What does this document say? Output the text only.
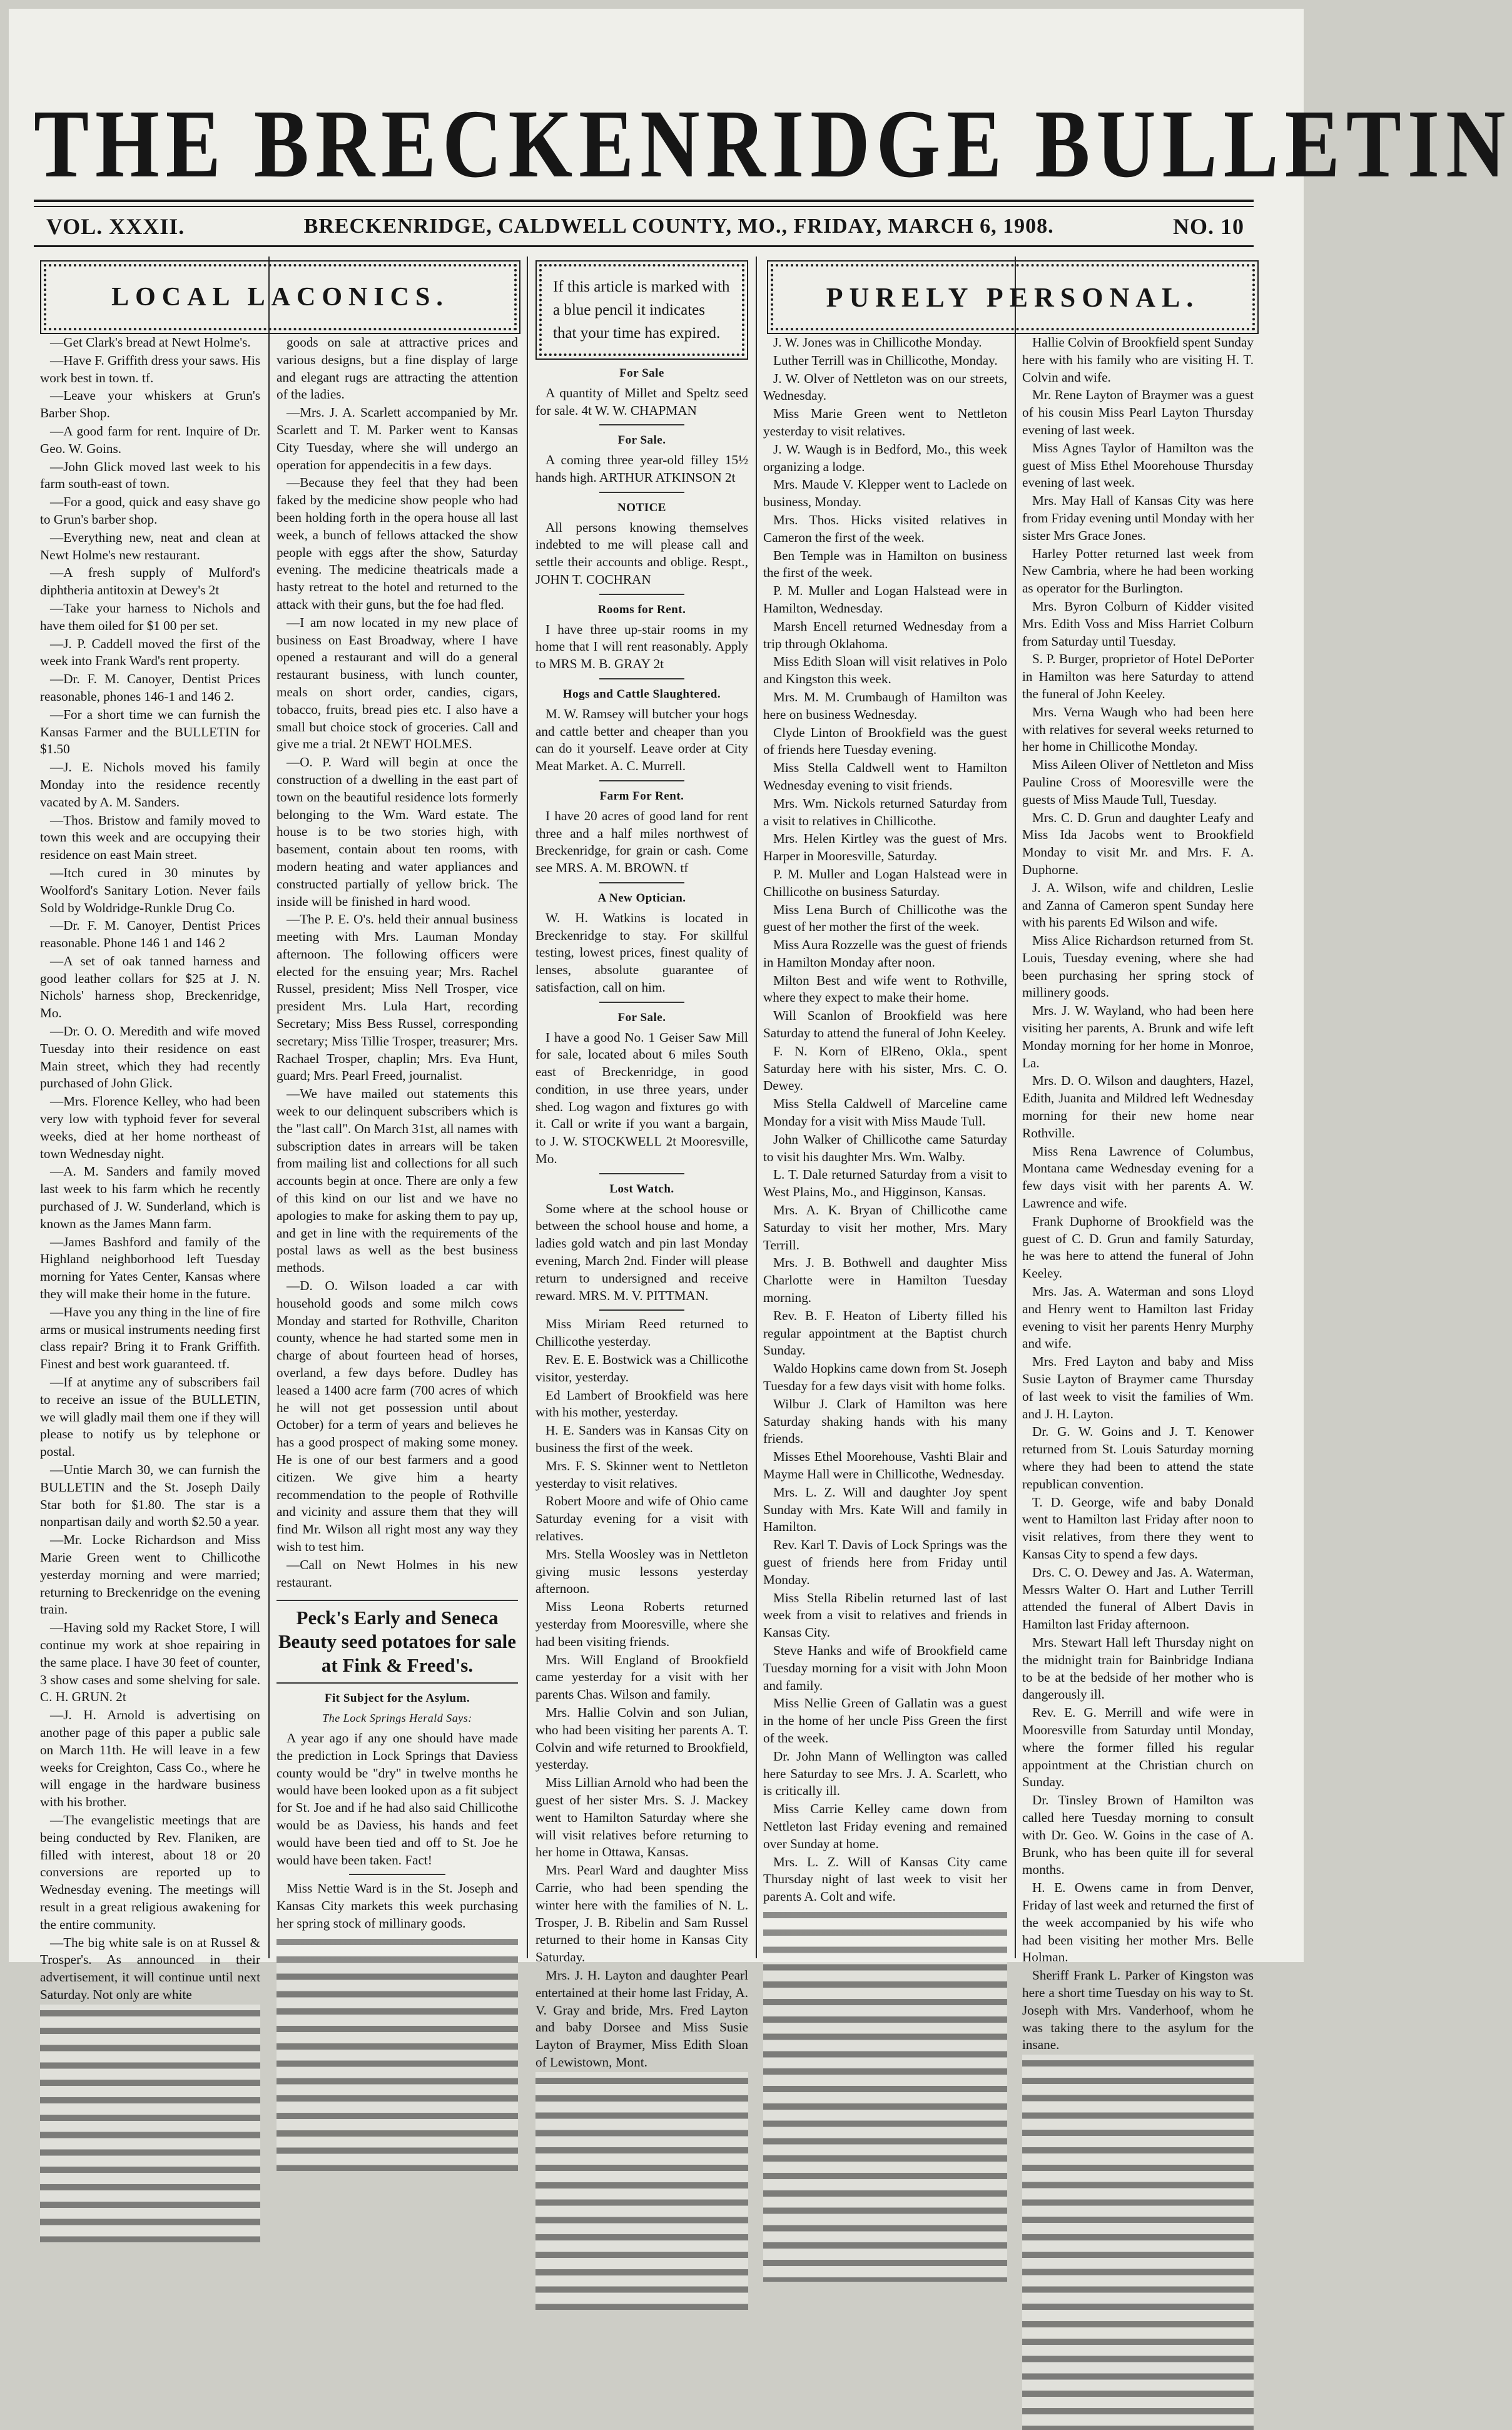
THE BRECKENRIDGE BULLETIN
VOL. XXXII.	BRECKENRIDGE, CALDWELL COUNTY, MO., FRIDAY, MARCH 6, 1908.	NO. 10
LOCAL LACONICS.	PURELY PERSONAL.

—Get Clark's bread at Newt Holme's.

—Have F. Griffith dress your saws. His work best in town. tf.

—Leave your whiskers at Grun's Barber Shop.

—A good farm for rent. Inquire of Dr. Geo. W. Goins.

—John Glick moved last week to his farm south-east of town.

—For a good, quick and easy shave go to Grun's barber shop.

—Everything new, neat and clean at Newt Holme's new restaurant.

—A fresh supply of Mulford's diphtheria antitoxin at Dewey's 2t

—Take your harness to Nichols and have them oiled for $1 00 per set.

—J. P. Caddell moved the first of the week into Frank Ward's rent property.

—Dr. F. M. Canoyer, Dentist Prices reasonable, phones 146-1 and 146 2.

—For a short time we can furnish the Kansas Farmer and the BULLETIN for $1.50

—J. E. Nichols moved his family Monday into the residence recently vacated by A. M. Sanders.

—Thos. Bristow and family moved to town this week and are occupying their residence on east Main street.

—Itch cured in 30 minutes by Woolford's Sanitary Lotion. Never fails Sold by Woldridge-Runkle Drug Co.

—Dr. F. M. Canoyer, Dentist Prices reasonable. Phone 146 1 and 146 2

—A set of oak tanned harness and good leather collars for $25 at J. N. Nichols' harness shop, Breckenridge, Mo.

—Dr. O. O. Meredith and wife moved Tuesday into their residence on east Main street, which they had recently purchased of John Glick.

—Mrs. Florence Kelley, who had been very low with typhoid fever for several weeks, died at her home northeast of town Wednesday night.

—A. M. Sanders and family moved last week to his farm which he recently purchased of J. W. Sunderland, which is known as the James Mann farm.

—James Bashford and family of the Highland neighborhood left Tuesday morning for Yates Center, Kansas where they will make their home in the future.

—Have you any thing in the line of fire arms or musical instruments needing first class repair? Bring it to Frank Griffith. Finest and best work guaranteed. tf.

—If at anytime any of subscribers fail to receive an issue of the BULLETIN, we will gladly mail them one if they will please to notify us by telephone or postal.

—Untie March 30, we can furnish the BULLETIN and the St. Joseph Daily Star both for $1.80. The star is a nonpartisan daily and worth $2.50 a year.

—Mr. Locke Richardson and Miss Marie Green went to Chillicothe yesterday morning and were married; returning to Breckenridge on the evening train.

—Having sold my Racket Store, I will continue my work at shoe repairing in the same place. I have 30 feet of counter, 3 show cases and some shelving for sale. C. H. GRUN. 2t

—J. H. Arnold is advertising on another page of this paper a public sale on March 11th. He will leave in a few weeks for Creighton, Cass Co., where he will engage in the hardware business with his brother.

—The evangelistic meetings that are being conducted by Rev. Flaniken, are filled with interest, about 18 or 20 conversions are reported up to Wednesday evening. The meetings will result in a great religious awakening for the entire community.

—The big white sale is on at Russel & Trosper's. As announced in their advertisement, it will continue until next Saturday. Not only are white

goods on sale at attractive prices and various designs, but a fine display of large and elegant rugs are attracting the attention of the ladies.

—Mrs. J. A. Scarlett accompanied by Mr. Scarlett and T. M. Parker went to Kansas City Tuesday, where she will undergo an operation for appendecitis in a few days.

—Because they feel that they had been faked by the medicine show people who had been holding forth in the opera house all last week, a bunch of fellows attacked the show people with eggs after the show, Saturday evening. The medicine theatricals made a hasty retreat to the hotel and returned to the attack with their guns, but the foe had fled.

—I am now located in my new place of business on East Broadway, where I have opened a restaurant and will do a general restaurant business, with lunch counter, meals on short order, candies, cigars, tobacco, fruits, bread pies etc. I also have a small but choice stock of groceries. Call and give me a trial. 2t NEWT HOLMES.

—O. P. Ward will begin at once the construction of a dwelling in the east part of town on the beautiful residence lots formerly belonging to the Wm. Ward estate. The house is to be two stories high, with basement, contain about ten rooms, with modern heating and water appliances and constructed partially of yellow brick. The inside will be finished in hard wood.

—The P. E. O's. held their annual business meeting with Mrs. Lauman Monday afternoon. The following officers were elected for the ensuing year; Mrs. Rachel Russel, president; Miss Nell Trosper, vice president Mrs. Lula Hart, recording Secretary; Miss Bess Russel, corresponding secretary; Miss Tillie Trosper, treasurer; Mrs. Rachael Trosper, chaplin; Mrs. Eva Hunt, guard; Mrs. Pearl Freed, journalist.

—We have mailed out statements this week to our delinquent subscribers which is the "last call". On March 31st, all names with subscription dates in arrears will be taken from mailing list and collections for all such accounts begin at once. There are only a few of this kind on our list and we have no apologies to make for asking them to pay up, and get in line with the requirements of the postal laws as well as the best business methods.

—D. O. Wilson loaded a car with household goods and some milch cows Monday and started for Rothville, Chariton county, whence he had started some men in charge of about fourteen head of horses, overland, a few days before. Dudley has leased a 1400 acre farm (700 acres of which he will not get possession until about October) for a term of years and believes he has a good prospect of making some money. He is one of our best farmers and a good citizen. We give him a hearty recommendation to the people of Rothville and vicinity and assure them that they will find Mr. Wilson all right most any way they wish to test him.

—Call on Newt Holmes in his new restaurant.

Peck's Early and Seneca Beauty seed potatoes for sale at Fink & Freed's.

Fit Subject for the Asylum.

The Lock Springs Herald Says:

A year ago if any one should have made the prediction in Lock Springs that Daviess county would be "dry" in twelve months he would have been looked upon as a fit subject for St. Joe and if he had also said Chillicothe would be as Daviess, his hands and feet would have been tied and off to St. Joe he would have been taken. Fact!

Miss Nettie Ward is in the St. Joseph and Kansas City markets this week purchasing her spring stock of millinary goods.

If this article is marked with a blue pencil it indicates that your time has expired.

For Sale

A quantity of Millet and Speltz seed for sale. 4t W. W. CHAPMAN

For Sale.

A coming three year-old filley 15½ hands high. ARTHUR ATKINSON 2t

NOTICE

All persons knowing themselves indebted to me will please call and settle their accounts and oblige. Respt., JOHN T. COCHRAN

Rooms for Rent.

I have three up-stair rooms in my home that I will rent reasonably. Apply to MRS M. B. GRAY 2t

Hogs and Cattle Slaughtered.

M. W. Ramsey will butcher your hogs and cattle better and cheaper than you can do it yourself. Leave order at City Meat Market. A. C. Murrell.

Farm For Rent.

I have 20 acres of good land for rent three and a half miles northwest of Breckenridge, for grain or cash. Come see MRS. A. M. BROWN. tf

A New Optician.

W. H. Watkins is located in Breckenridge to stay. For skillful testing, lowest prices, finest quality of lenses, absolute guarantee of satisfaction, call on him.

For Sale.

I have a good No. 1 Geiser Saw Mill for sale, located about 6 miles South east of Breckenridge, in good condition, in use three years, under shed. Log wagon and fixtures go with it. Call or write if you want a bargain, to J. W. STOCKWELL 2t Mooresville, Mo.

Lost Watch.

Some where at the school house or between the school house and home, a ladies gold watch and pin last Monday evening, March 2nd. Finder will please return to undersigned and receive reward. MRS. M. V. PITTMAN.

Miss Miriam Reed returned to Chillicothe yesterday.

Rev. E. E. Bostwick was a Chillicothe visitor, yesterday.

Ed Lambert of Brookfield was here with his mother, yesterday.

H. E. Sanders was in Kansas City on business the first of the week.

Mrs. F. S. Skinner went to Nettleton yesterday to visit relatives.

Robert Moore and wife of Ohio came Saturday evening for a visit with relatives.

Mrs. Stella Woosley was in Nettleton giving music lessons yesterday afternoon.

Miss Leona Roberts returned yesterday from Mooresville, where she had been visiting friends.

Mrs. Will England of Brookfield came yesterday for a visit with her parents Chas. Wilson and family.

Mrs. Hallie Colvin and son Julian, who had been visiting her parents A. T. Colvin and wife returned to Brookfield, yesterday.

Miss Lillian Arnold who had been the guest of her sister Mrs. S. J. Mackey went to Hamilton Saturday where she will visit relatives before returning to her home in Ottawa, Kansas.

Mrs. Pearl Ward and daughter Miss Carrie, who had been spending the winter here with the families of N. L. Trosper, J. B. Ribelin and Sam Russel returned to their home in Kansas City Saturday.

Mrs. J. H. Layton and daughter Pearl entertained at their home last Friday, A. V. Gray and bride, Mrs. Fred Layton and baby Dorsee and Miss Susie Layton of Braymer, Miss Edith Sloan of Lewistown, Mont.

J. W. Jones was in Chillicothe Monday.

Luther Terrill was in Chillicothe, Monday.

J. W. Olver of Nettleton was on our streets, Wednesday.

Miss Marie Green went to Nettleton yesterday to visit relatives.

J. W. Waugh is in Bedford, Mo., this week organizing a lodge.

Mrs. Maude V. Klepper went to Laclede on business, Monday.

Mrs. Thos. Hicks visited relatives in Cameron the first of the week.

Ben Temple was in Hamilton on business the first of the week.

P. M. Muller and Logan Halstead were in Hamilton, Wednesday.

Marsh Encell returned Wednesday from a trip through Oklahoma.

Miss Edith Sloan will visit relatives in Polo and Kingston this week.

Mrs. M. M. Crumbaugh of Hamilton was here on business Wednesday.

Clyde Linton of Brookfield was the guest of friends here Tuesday evening.

Miss Stella Caldwell went to Hamilton Wednesday evening to visit friends.

Mrs. Wm. Nickols returned Saturday from a visit to relatives in Chillicothe.

Mrs. Helen Kirtley was the guest of Mrs. Harper in Mooresville, Saturday.

P. M. Muller and Logan Halstead were in Chillicothe on business Saturday.

Miss Lena Burch of Chillicothe was the guest of her mother the first of the week.

Miss Aura Rozzelle was the guest of friends in Hamilton Monday after noon.

Milton Best and wife went to Rothville, where they expect to make their home.

Will Scanlon of Brookfield was here Saturday to attend the funeral of John Keeley.

F. N. Korn of ElReno, Okla., spent Saturday here with his sister, Mrs. C. O. Dewey.

Miss Stella Caldwell of Marceline came Monday for a visit with Miss Maude Tull.

John Walker of Chillicothe came Saturday to visit his daughter Mrs. Wm. Walby.

L. T. Dale returned Saturday from a visit to West Plains, Mo., and Higginson, Kansas.

Mrs. A. K. Bryan of Chillicothe came Saturday to visit her mother, Mrs. Mary Terrill.

Mrs. J. B. Bothwell and daughter Miss Charlotte were in Hamilton Tuesday morning.

Rev. B. F. Heaton of Liberty filled his regular appointment at the Baptist church Sunday.

Waldo Hopkins came down from St. Joseph Tuesday for a few days visit with home folks.

Wilbur J. Clark of Hamilton was here Saturday shaking hands with his many friends.

Misses Ethel Moorehouse, Vashti Blair and Mayme Hall were in Chillicothe, Wednesday.

Mrs. L. Z. Will and daughter Joy spent Sunday with Mrs. Kate Will and family in Hamilton.

Rev. Karl T. Davis of Lock Springs was the guest of friends here from Friday until Monday.

Miss Stella Ribelin returned last of last week from a visit to relatives and friends in Kansas City.

Steve Hanks and wife of Brookfield came Tuesday morning for a visit with John Moon and family.

Miss Nellie Green of Gallatin was a guest in the home of her uncle Piss Green the first of the week.

Dr. John Mann of Wellington was called here Saturday to see Mrs. J. A. Scarlett, who is critically ill.

Miss Carrie Kelley came down from Nettleton last Friday evening and remained over Sunday at home.

Mrs. L. Z. Will of Kansas City came Thursday night of last week to visit her parents A. Colt and wife.

Hallie Colvin of Brookfield spent Sunday here with his family who are visiting H. T. Colvin and wife.

Mr. Rene Layton of Braymer was a guest of his cousin Miss Pearl Layton Thursday evening of last week.

Miss Agnes Taylor of Hamilton was the guest of Miss Ethel Moorehouse Thursday evening of last week.

Mrs. May Hall of Kansas City was here from Friday evening until Monday with her sister Mrs Grace Jones.

Harley Potter returned last week from New Cambria, where he had been working as operator for the Burlington.

Mrs. Byron Colburn of Kidder visited Mrs. Edith Voss and Miss Harriet Colburn from Saturday until Tuesday.

S. P. Burger, proprietor of Hotel DePorter in Hamilton was here Saturday to attend the funeral of John Keeley.

Mrs. Verna Waugh who had been here with relatives for several weeks returned to her home in Chillicothe Monday.

Miss Aileen Oliver of Nettleton and Miss Pauline Cross of Mooresville were the guests of Miss Maude Tull, Tuesday.

Mrs. C. D. Grun and daughter Leafy and Miss Ida Jacobs went to Brookfield Monday to visit Mr. and Mrs. F. A. Duphorne.

J. A. Wilson, wife and children, Leslie and Zanna of Cameron spent Sunday here with his parents Ed Wilson and wife.

Miss Alice Richardson returned from St. Louis, Tuesday evening, where she had been purchasing her spring stock of millinery goods.

Mrs. J. W. Wayland, who had been here visiting her parents, A. Brunk and wife left Monday morning for her home in Monroe, La.

Mrs. D. O. Wilson and daughters, Hazel, Edith, Juanita and Mildred left Wednesday morning for their new home near Rothville.

Miss Rena Lawrence of Columbus, Montana came Wednesday evening for a few days visit with her parents A. W. Lawrence and wife.

Frank Duphorne of Brookfield was the guest of C. D. Grun and family Saturday, he was here to attend the funeral of John Keeley.

Mrs. Jas. A. Waterman and sons Lloyd and Henry went to Hamilton last Friday evening to visit her parents Henry Murphy and wife.

Mrs. Fred Layton and baby and Miss Susie Layton of Braymer came Thursday of last week to visit the families of Wm. and J. H. Layton.

Dr. G. W. Goins and J. T. Kenower returned from St. Louis Saturday morning where they had been to attend the state republican convention.

T. D. George, wife and baby Donald went to Hamilton last Friday after noon to visit relatives, from there they went to Kansas City to spend a few days.

Drs. C. O. Dewey and Jas. A. Waterman, Messrs Walter O. Hart and Luther Terrill attended the funeral of Albert Davis in Hamilton last Friday afternoon.

Mrs. Stewart Hall left Thursday night on the midnight train for Bainbridge Indiana to be at the bedside of her mother who is dangerously ill.

Rev. E. G. Merrill and wife were in Mooresville from Saturday until Monday, where the former filled his regular appointment at the Christian church on Sunday.

Dr. Tinsley Brown of Hamilton was called here Tuesday morning to consult with Dr. Geo. W. Goins in the case of A. Brunk, who has been quite ill for several months.

H. E. Owens came in from Denver, Friday of last week and returned the first of the week accompanied by his wife who had been visiting her mother Mrs. Belle Holman.

Sheriff Frank L. Parker of Kingston was here a short time Tuesday on his way to St. Joseph with Mrs. Vanderhoof, whom he was taking there to the asylum for the insane.
